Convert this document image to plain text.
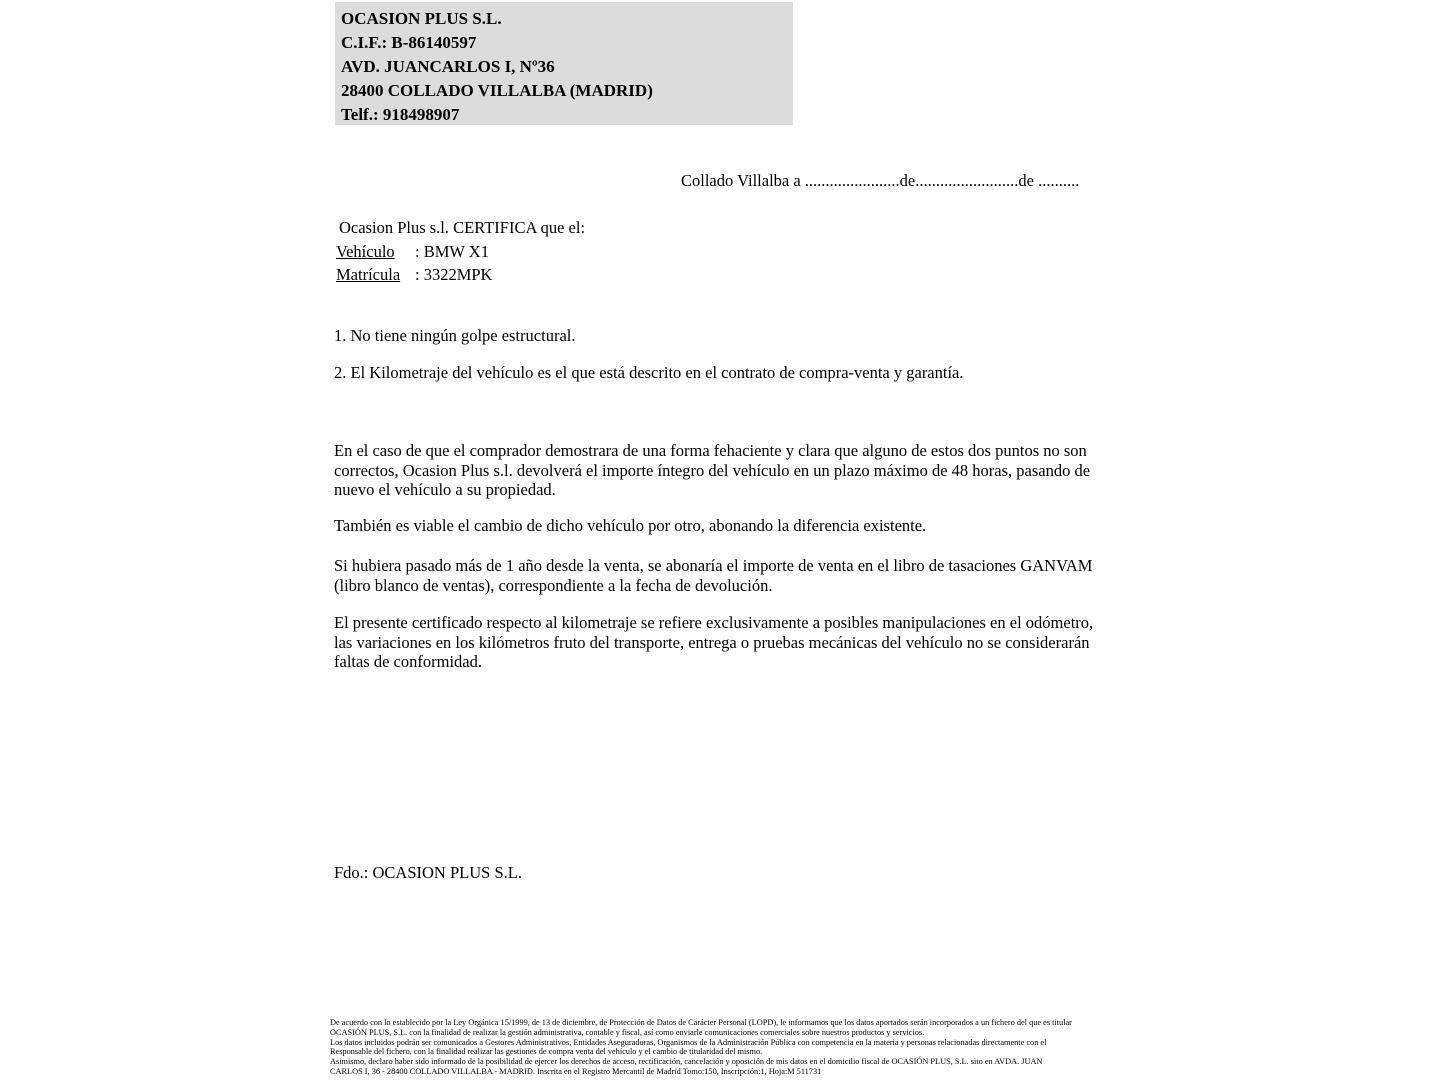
OCASION PLUS S.L.
C.I.F.: B-86140597
AVD. JUANCARLOS I, Nº36
28400 COLLADO VILLALBA (MADRID)
Telf.: 918498907
Collado Villalba a .......................de.........................de ..........
Ocasion Plus s.l. CERTIFICA que el:
Vehículo : BMW X1
Matrícula : 3322MPK
1. No tiene ningún golpe estructural.
2. El Kilometraje del vehículo es el que está descrito en el contrato de compra-venta y garantía.
En el caso de que el comprador demostrara de una forma fehaciente y clara que alguno de estos dos puntos no son correctos, Ocasion Plus s.l. devolverá el importe íntegro del vehículo en un plazo máximo de 48 horas, pasando de nuevo el vehículo a su propiedad.
También es viable el cambio de dicho vehículo por otro, abonando la diferencia existente.
Si hubiera pasado más de 1 año desde la venta, se abonaría el importe de venta en el libro de tasaciones GANVAM (libro blanco de ventas), correspondiente a la fecha de devolución.
El presente certificado respecto al kilometraje se refiere exclusivamente a posibles manipulaciones en el odómetro, las variaciones en los kilómetros fruto del transporte, entrega o pruebas mecánicas del vehículo no se considerarán faltas de conformidad.
Fdo.: OCASION PLUS S.L.
De acuerdo con lo establecido por la Ley Orgánica 15/1999, de 13 de diciembre, de Protección de Datos de Carácter Personal (LOPD), le informamos que los datos aportados serán incorporados a un fichero del que es titular
OCASIÓN PLUS, S.L. con la finalidad de realizar la gestión administrativa, contable y fiscal, así como enviarle comunicaciones comerciales sobre nuestros productos y servicios.
Los datos incluidos podrán ser comunicados a Gestores Administrativos, Entidades Aseguradoras, Organismos de la Administración Pública con competencia en la materia y personas relacionadas directamente con el
Responsable del fichero, con la finalidad realizar las gestiones de compra venta del vehículo y el cambio de titularidad del mismo.
Asimismo, declaro haber sido informado de la posibilidad de ejercer los derechos de acceso, rectificación, cancelación y oposición de mis datos en el domicilio fiscal de OCASIÓN PLUS, S.L. sito en AVDA. JUAN
CARLOS I, 36 - 28400 COLLADO VILLALBA - MADRID. Inscrita en el Registro Mercantil de Madrid Tomo:150, Inscripción:1, Hoja:M 511731
